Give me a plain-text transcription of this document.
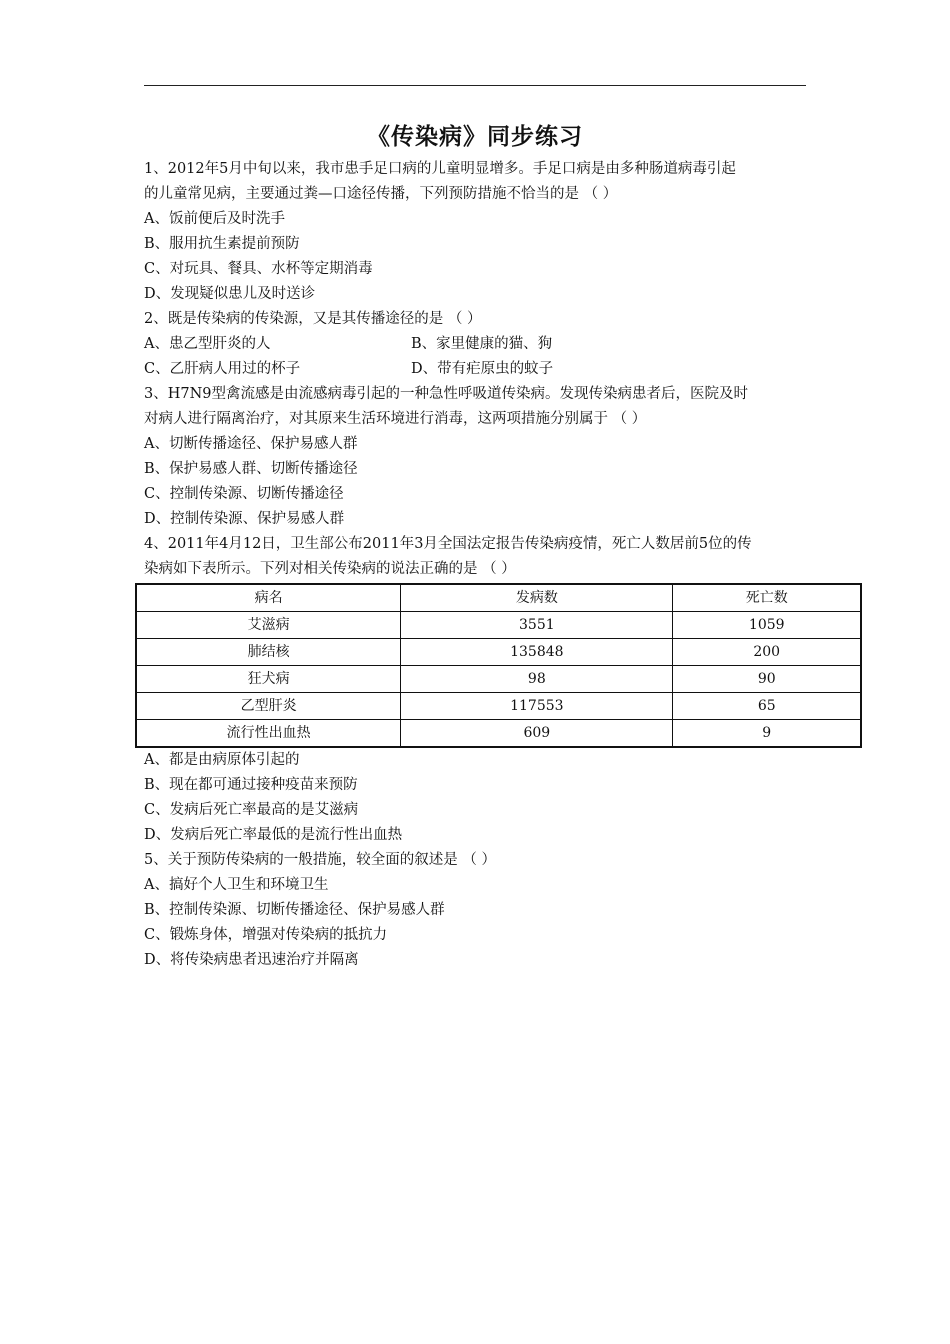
《传染病》同步练习
1、2012年5月中旬以来，我市患手足口病的儿童明显增多。手足口病是由多种肠道病毒引起
的儿童常见病，主要通过粪—口途径传播，下列预防措施不恰当的是 （ ）
A、饭前便后及时洗手
B、服用抗生素提前预防
C、对玩具、餐具、水杯等定期消毒
D、发现疑似患儿及时送诊
2、既是传染病的传染源，又是其传播途径的是 （ ）
A、患乙型肝炎的人	B、家里健康的猫、狗
C、乙肝病人用过的杯子	D、带有疟原虫的蚊子
3、H7N9型禽流感是由流感病毒引起的一种急性呼吸道传染病。发现传染病患者后，医院及时
对病人进行隔离治疗，对其原来生活环境进行消毒，这两项措施分别属于 （ ）
A、切断传播途径、保护易感人群
B、保护易感人群、切断传播途径
C、控制传染源、切断传播途径
D、控制传染源、保护易感人群
4、2011年4月12日，卫生部公布2011年3月全国法定报告传染病疫情，死亡人数居前5位的传
染病如下表所示。下列对相关传染病的说法正确的是 （ ）
病名	发病数	死亡数
艾滋病	3551	1059
肺结核	135848	200
狂犬病	98	90
乙型肝炎	117553	65
流行性出血热	609	9
A、都是由病原体引起的
B、现在都可通过接种疫苗来预防
C、发病后死亡率最高的是艾滋病
D、发病后死亡率最低的是流行性出血热
5、关于预防传染病的一般措施，较全面的叙述是 （ ）
A、搞好个人卫生和环境卫生
B、控制传染源、切断传播途径、保护易感人群
C、锻炼身体，增强对传染病的抵抗力
D、将传染病患者迅速治疗并隔离
